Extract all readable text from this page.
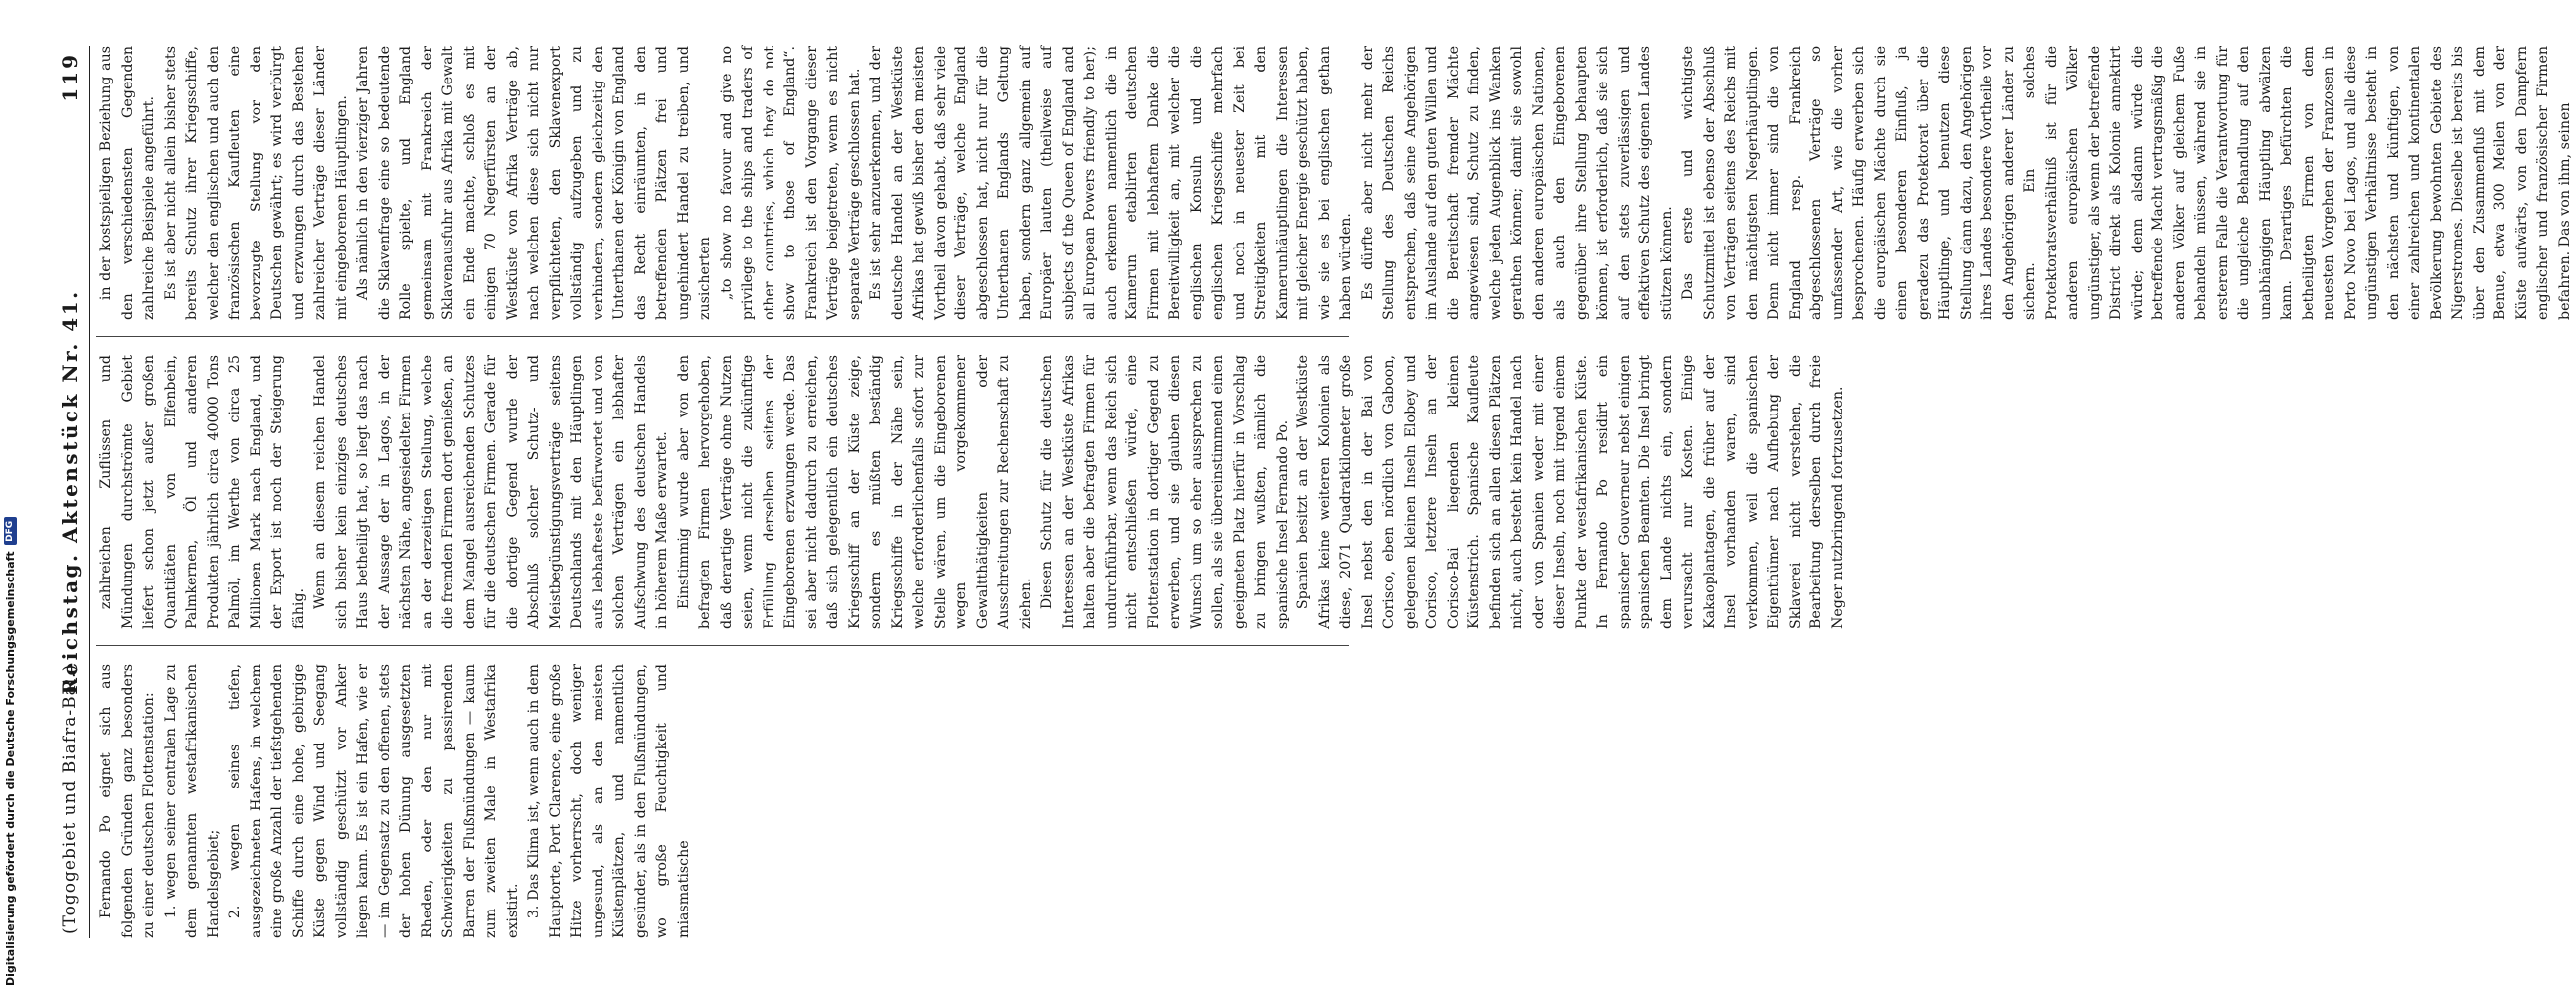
(Togogebiet und Biafra-Bai.)
Reichstag. Aktenstück Nr. 41.
119

Fernando Po eignet sich aus folgenden Gründen ganz besonders zu einer deutschen Flottenstation: 1. wegen seiner centralen Lage zu dem genannten westafrikanischen Handelsgebiet; 2. wegen seines tiefen, ausgezeichneten Hafens, in welchem eine große Anzahl der tiefstgehenden Schiffe durch eine hohe, gebirgige Küste gegen Wind und Seegang vollständig geschützt vor Anker liegen kann. Es ist ein Hafen, wie er — im Gegensatz zu den offenen, stets der hohen Dünung ausgesetzten Rheden, oder den nur mit Schwierigkeiten zu passirenden Barren der Flußmündungen — kaum zum zweiten Male in Westafrika existirt. 3. Das Klima ist, wenn auch in dem Hauptorte, Port Clarence, eine große Hitze vorherrscht, doch weniger ungesund, als an den meisten Küstenplätzen, und namentlich gesünder, als in den Flußmündungen, wo große Feuchtigkeit und miasmatische

zahlreichen Zuflüssen und Mündungen durchströmte Gebiet liefert schon jetzt außer großen Quantitäten von Elfenbein, Palmkernen, Öl und anderen Produkten jährlich circa 40000 Tons Palmöl, im Werthe von circa 25 Millionen Mark nach England, und der Export ist noch der Steigerung fähig. Wenn an diesem reichen Handel sich bisher kein einziges deutsches Haus betheiligt hat, so liegt das nach der Aussage der in Lagos, in der nächsten Nähe, angesiedelten Firmen an der derzeitigen Stellung, welche die fremden Firmen dort genießen, an dem Mangel ausreichenden Schutzes für die deutschen Firmen. Gerade für die dortige Gegend wurde der Abschluß solcher Schutz- und Meistbegünstigungsverträge seitens Deutschlands mit den Häuptlingen aufs lebhafteste befürwortet und von solchen Verträgen ein lebhafter Aufschwung des deutschen Handels in höherem Maße erwartet. Einstimmig wurde aber von den befragten Firmen hervorgehoben, daß derartige Verträge ohne Nutzen seien, wenn nicht die zukünftige Erfüllung derselben seitens der Eingeborenen erzwungen werde. Das sei aber nicht dadurch zu erreichen, daß sich gelegentlich ein deutsches Kriegsschiff an der Küste zeige, sondern es müßten beständig Kriegsschiffe in der Nähe sein, welche erforderlichenfalls sofort zur Stelle wären, um die Eingeborenen wegen vorgekommener Gewaltthätigkeiten oder Ausschreitungen zur Rechenschaft zu ziehen. Diesen Schutz für die deutschen Interessen an der Westküste Afrikas halten aber die befragten Firmen für undurchführbar, wenn das Reich sich nicht entschließen würde, eine Flottenstation in dortiger Gegend zu erwerben, und sie glauben diesen Wunsch um so eher aussprechen zu sollen, als sie übereinstimmend einen geeigneten Platz hierfür in Vorschlag zu bringen wußten, nämlich die spanische Insel Fernando Po. Spanien besitzt an der Westküste Afrikas keine weiteren Kolonien als diese, 2071 Quadratkilometer große Insel nebst den in der Bai von Corisco, eben nördlich von Gaboon, gelegenen kleinen Inseln Elobey und Corisco, letztere Inseln an der Corisco-Bai liegenden kleinen Küstenstrich. Spanische Kaufleute befinden sich an allen diesen Plätzen nicht, auch besteht kein Handel nach oder von Spanien weder mit einer dieser Inseln, noch mit irgend einem Punkte der westafrikanischen Küste. In Fernando Po residirt ein spanischer Gouverneur nebst einigen spanischen Beamten. Die Insel bringt dem Lande nichts ein, sondern verursacht nur Kosten. Einige Kakaoplantagen, die früher auf der Insel vorhanden waren, sind verkommen, weil die spanischen Eigenthümer nach Aufhebung der Sklaverei nicht verstehen, die Bearbeitung derselben durch freie Neger nutzbringend fortzusetzen.

in der kostspieligen Beziehung aus den verschiedensten Gegenden zahlreiche Beispiele angeführt. Es ist aber nicht allein bisher stets bereits Schutz ihrer Kriegsschiffe, welcher den englischen und auch den französischen Kaufleuten eine bevorzugte Stellung vor den Deutschen gewährt; es wird verbürgt und erzwungen durch das Bestehen zahlreicher Verträge dieser Länder mit eingeborenen Häuptlingen. Als nämlich in den vierziger Jahren die Sklavenfrage eine so bedeutende Rolle spielte, und England gemeinsam mit Frankreich der Sklavenausfuhr aus Afrika mit Gewalt ein Ende machte, schloß es mit einigen 70 Negerfürsten an der Westküste von Afrika Verträge ab, nach welchen diese sich nicht nur verpflichteten, den Sklavenexport vollständig aufzugeben und zu verhindern, sondern gleichzeitig den Unterthanen der Königin von England das Recht einräumten, in den betreffenden Plätzen frei und ungehindert Handel zu treiben, und zusicherten „to show no favour and give no privilege to the ships and traders of other countries, which they do not show to those of England“. Frankreich ist den Vorgange dieser Verträge beigetreten, wenn es nicht separate Verträge geschlossen hat. Es ist sehr anzuerkennen, und der deutsche Handel an der Westküste Afrikas hat gewiß bisher den meisten Vortheil davon gehabt, daß sehr viele dieser Verträge, welche England abgeschlossen hat, nicht nur für die Unterthanen Englands Geltung haben, sondern ganz allgemein auf Europäer lauten (theilweise auf subjects of the Queen of England and all European Powers friendly to her); auch erkennen namentlich die in Kamerun etablirten deutschen Firmen mit lebhaftem Danke die Bereitwilligkeit an, mit welcher die englischen Konsuln und die englischen Kriegsschiffe mehrfach und noch in neuester Zeit bei Streitigkeiten mit den Kamerunhäuptlingen die Interessen mit gleicher Energie geschützt haben, wie sie es bei englischen gethan haben würden. Es dürfte aber nicht mehr der Stellung des Deutschen Reichs entsprechen, daß seine Angehörigen im Auslande auf den guten Willen und die Bereitschaft fremder Mächte angewiesen sind, Schutz zu finden, welche jeden Augenblick ins Wanken gerathen können; damit sie sowohl den anderen europäischen Nationen, als auch den Eingeborenen gegenüber ihre Stellung behaupten können, ist erforderlich, daß sie sich auf den stets zuverlässigen und effektiven Schutz des eigenen Landes stützen können. Das erste und wichtigste Schutzmittel ist ebenso der Abschluß von Verträgen seitens des Reichs mit den mächtigsten Negerhäuptlingen. Denn nicht immer sind die von England resp. Frankreich abgeschlossenen Verträge so umfassender Art, wie die vorher besprochenen. Häufig erwerben sich die europäischen Mächte durch sie einen besonderen Einfluß, ja geradezu das Protektorat über die Häuptlinge, und benutzen diese Stellung dann dazu, den Angehörigen ihres Landes besondere Vortheile vor den Angehörigen anderer Länder zu sichern. Ein solches Protektoratsverhältniß ist für die anderen europäischen Völker ungünstiger, als wenn der betreffende District direkt als Kolonie annektirt würde; denn alsdann würde die betreffende Macht vertragsmäßig die anderen Völker auf gleichem Fuße behandeln müssen, während sie in ersterem Falle die Verantwortung für die ungleiche Behandlung auf den unabhängigen Häuptling abwälzen kann. Derartiges befürchten die betheiligten Firmen von dem neuesten Vorgehen der Franzosen in Porto Novo bei Lagos, und alle diese ungünstigen Verhältnisse besteht in den nächsten und künftigen, von einer zahlreichen und kontinentalen Bevölkerung bewohnten Gebiete des Nigerstromes. Dieselbe ist bereits bis über den Zusammenfluß mit dem Benue, etwa 300 Meilen von der Küste aufwärts, von den Dampfern englischer und französischer Firmen befahren. Das von ihm, seinen

Digitalisierung gefördert durch die Deutsche Forschungsgemeinschaft
DFG
